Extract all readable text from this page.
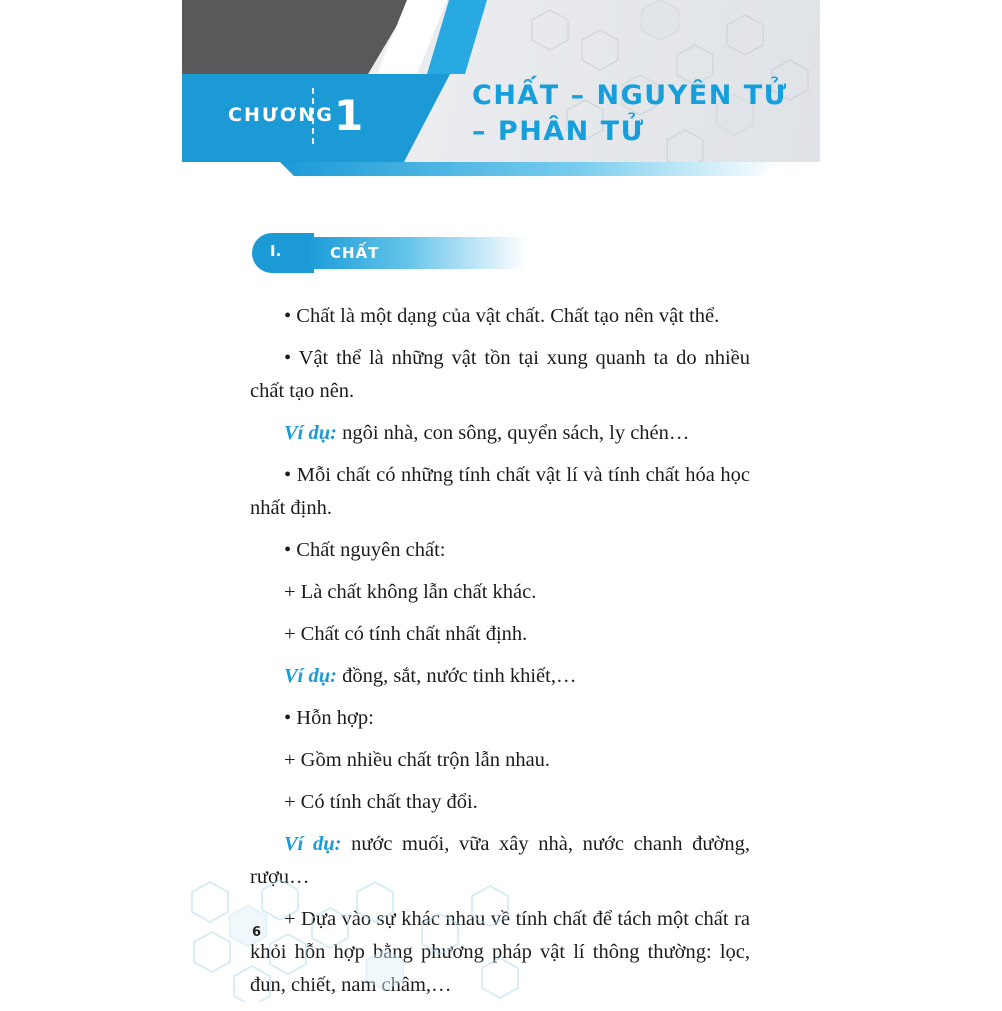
CHƯƠNG 1	CHẤT – NGUYÊN TỬ
– PHÂN TỬ
I.	CHẤT

• Chất là một dạng của vật chất. Chất tạo nên vật thể.

• Vật thể là những vật tồn tại xung quanh ta do nhiều chất tạo nên.

Ví dụ: ngôi nhà, con sông, quyển sách, ly chén…

• Mỗi chất có những tính chất vật lí và tính chất hóa học nhất định.

• Chất nguyên chất:

+ Là chất không lẫn chất khác.

+ Chất có tính chất nhất định.

Ví dụ: đồng, sắt, nước tinh khiết,…

• Hỗn hợp:

+ Gồm nhiều chất trộn lẫn nhau.

+ Có tính chất thay đổi.

Ví dụ: nước muối, vữa xây nhà, nước chanh đường, rượu…

+ Dựa vào sự khác nhau về tính chất để tách một chất ra khỏi hỗn hợp bằng phương pháp vật lí thông thường: lọc, đun, chiết, nam châm,…

6
